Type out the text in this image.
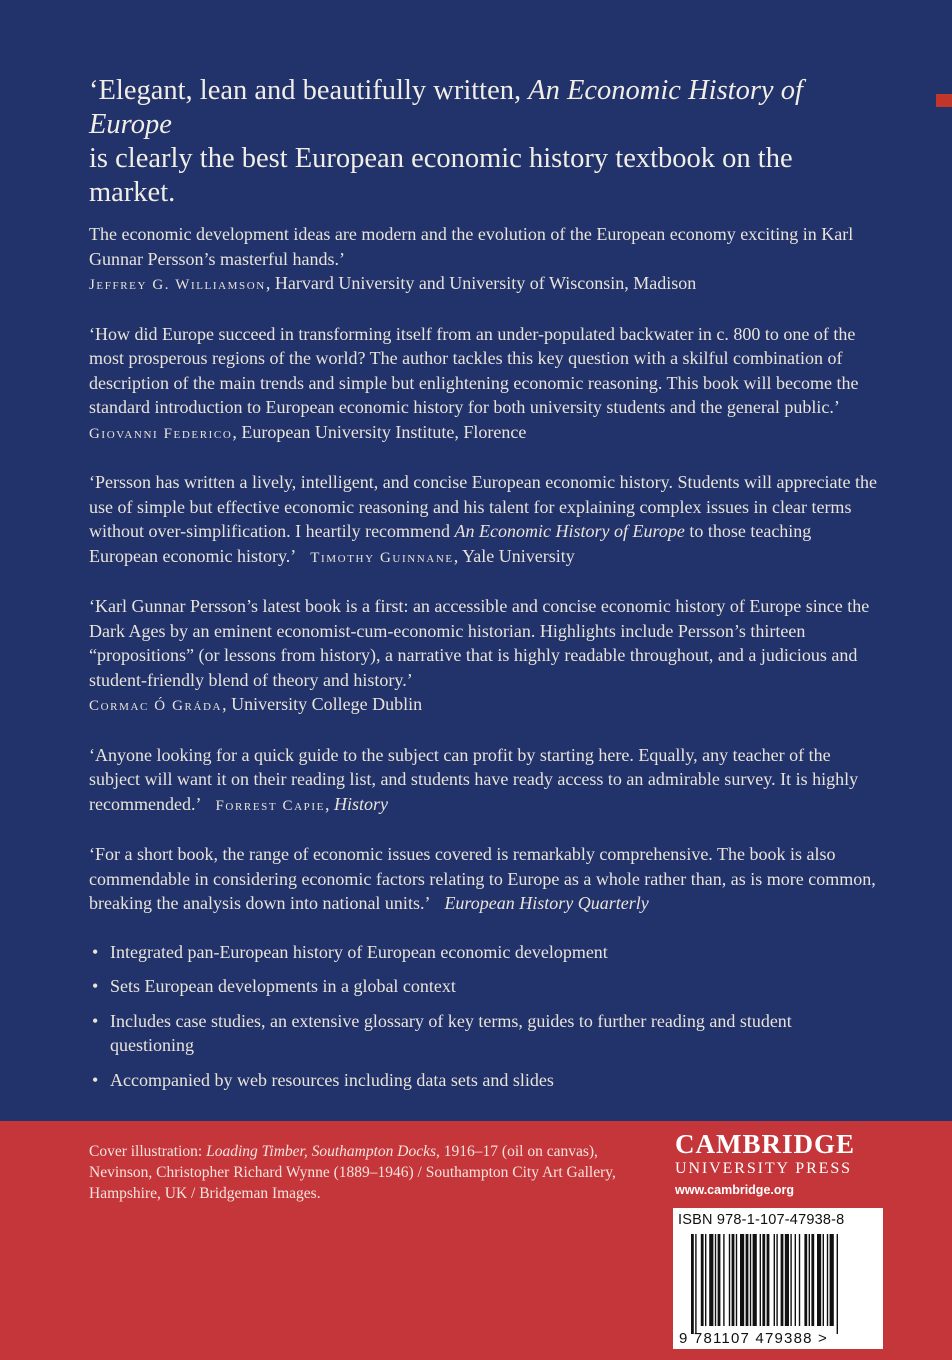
‘Elegant, lean and beautifully written, An Economic History of Europe
is clearly the best European economic history textbook on the market.

The economic development ideas are modern and the evolution of the European economy exciting in Karl Gunnar Persson’s masterful hands.’
Jeffrey G. Williamson, Harvard University and University of Wisconsin, Madison

‘How did Europe succeed in transforming itself from an under-populated backwater in c. 800 to one of the most prosperous regions of the world? The author tackles this key question with a skilful combination of description of the main trends and simple but enlightening economic reasoning. This book will become the standard introduction to European economic history for both university students and the general public.’Giovanni Federico, European University Institute, Florence

‘Persson has written a lively, intelligent, and concise European economic history. Students will appreciate the use of simple but effective economic reasoning and his talent for explaining complex issues in clear terms without over-simplification. I heartily recommend An Economic History of Europe to those teaching European economic history.’ Timothy Guinnane, Yale University

‘Karl Gunnar Persson’s latest book is a first: an accessible and concise economic history of Europe since the Dark Ages by an eminent economist-cum-economic historian. Highlights include Persson’s thirteen “propositions” (or lessons from history), a narrative that is highly readable throughout, and a judicious and student-friendly blend of theory and history.’
Cormac Ó Gráda, University College Dublin

‘Anyone looking for a quick guide to the subject can profit by starting here. Equally, any teacher of the subject will want it on their reading list, and students have ready access to an admirable survey. It is highly recommended.’ Forrest Capie, History

‘For a short book, the range of economic issues covered is remarkably comprehensive. The book is also commendable in considering economic factors relating to Europe as a whole rather than, as is more common, breaking the analysis down into national units.’ European History Quarterly

• Integrated pan-European history of European economic development
• Sets European developments in a global context
• Includes case studies, an extensive glossary of key terms, guides to further reading and student questioning
• Accompanied by web resources including data sets and slides
Cover illustration: Loading Timber, Southampton Docks, 1916–17 (oil on canvas), Nevinson, Christopher Richard Wynne (1889–1946) / Southampton City Art Gallery, Hampshire, UK / Bridgeman Images.
CAMBRIDGE
UNIVERSITY PRESS
www.cambridge.org
9 781107 479388 >
ISBN 978-1-107-47938-8
